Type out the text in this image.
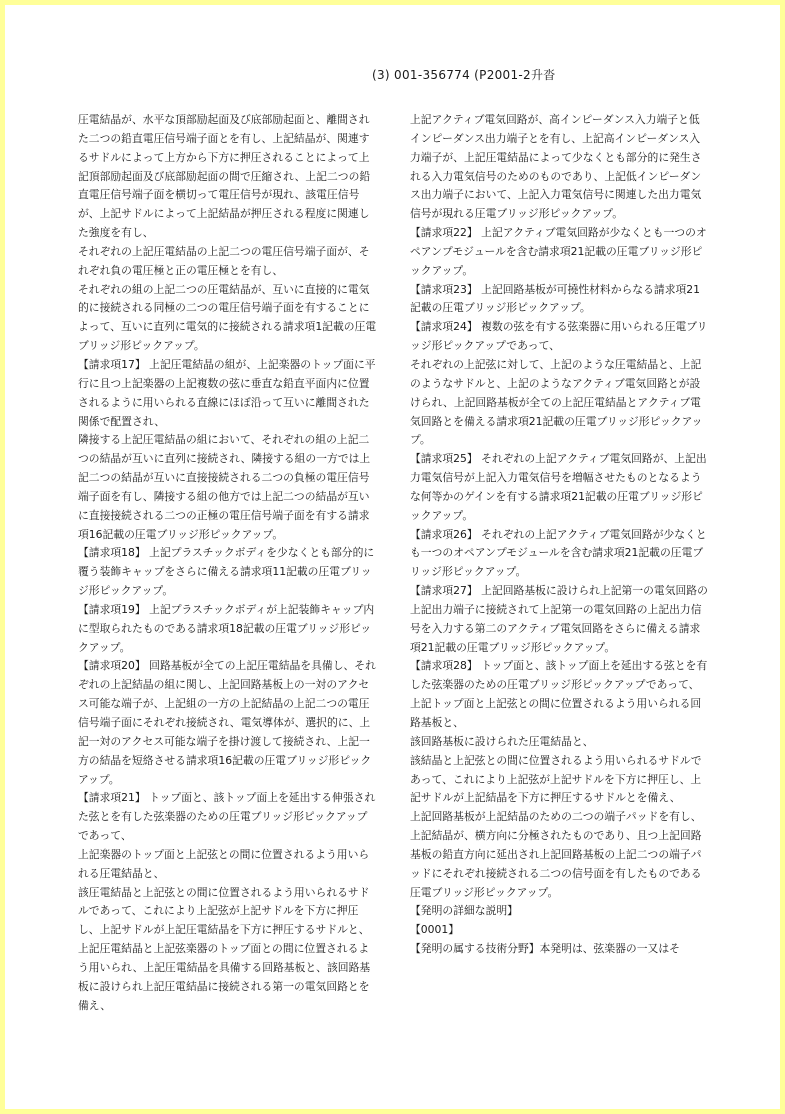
(3) 001-356774 (P2001-2升沓

圧電結晶が、水平な頂部励起面及び底部励起面と、離間された二つの鉛直電圧信号端子面とを有し、上記結晶が、関連するサドルによって上方から下方に押圧されることによって上記頂部励起面及び底部励起面の間で圧縮され、上記二つの鉛直電圧信号端子面を横切って電圧信号が現れ、該電圧信号が、上記サドルによって上記結晶が押圧される程度に関連した強度を有し、

それぞれの上記圧電結晶の上記二つの電圧信号端子面が、それぞれ負の電圧極と正の電圧極とを有し、

それぞれの組の上記二つの圧電結晶が、互いに直接的に電気的に接続される同極の二つの電圧信号端子面を有することによって、互いに直列に電気的に接続される請求項1記載の圧電ブリッジ形ピックアップ。

【請求項17】 上記圧電結晶の組が、上記楽器のトップ面に平行に且つ上記楽器の上記複数の弦に垂直な鉛直平面内に位置されるように用いられる直線にほぼ沿って互いに離間された関係で配置され、

隣接する上記圧電結晶の組において、それぞれの組の上記二つの結晶が互いに直列に接続され、隣接する組の一方では上記二つの結晶が互いに直接接続される二つの負極の電圧信号端子面を有し、隣接する組の他方では上記二つの結晶が互いに直接接続される二つの正極の電圧信号端子面を有する請求項16記載の圧電ブリッジ形ピックアップ。

【請求項18】 上記プラスチックボディを少なくとも部分的に覆う装飾キャップをさらに備える請求項11記載の圧電ブリッジ形ピックアップ。

【請求項19】 上記プラスチックボディが上記装飾キャップ内に型取られたものである請求項18記載の圧電ブリッジ形ピックアップ。

【請求項20】 回路基板が全ての上記圧電結晶を具備し、それぞれの上記結晶の組に関し、上記回路基板上の一対のアクセス可能な端子が、上記組の一方の上記結晶の上記二つの電圧信号端子面にそれぞれ接続され、電気導体が、選択的に、上記一対のアクセス可能な端子を掛け渡して接続され、上記一方の結晶を短絡させる請求項16記載の圧電ブリッジ形ピックアップ。

【請求項21】 トップ面と、該トップ面上を延出する伸張された弦とを有した弦楽器のための圧電ブリッジ形ピックアップであって、

上記楽器のトップ面と上記弦との間に位置されるよう用いられる圧電結晶と、

該圧電結晶と上記弦との間に位置されるよう用いられるサドルであって、これにより上記弦が上記サドルを下方に押圧し、上記サドルが上記圧電結晶を下方に押圧するサドルと、

上記圧電結晶と上記弦楽器のトップ面との間に位置されるよう用いられ、上記圧電結晶を具備する回路基板と、該回路基板に設けられ上記圧電結晶に接続される第一の電気回路とを備え、

上記アクティブ電気回路が、高インピーダンス入力端子と低インピーダンス出力端子とを有し、上記高インピーダンス入力端子が、上記圧電結晶によって少なくとも部分的に発生される入力電気信号のためのものであり、上記低インピーダンス出力端子において、上記入力電気信号に関連した出力電気信号が現れる圧電ブリッジ形ピックアップ。

【請求項22】 上記アクティブ電気回路が少なくとも一つのオペアンプモジュールを含む請求項21記載の圧電ブリッジ形ピックアップ。

【請求項23】 上記回路基板が可撓性材料からなる請求項21記載の圧電ブリッジ形ピックアップ。

【請求項24】 複数の弦を有する弦楽器に用いられる圧電ブリッジ形ピックアップであって、

それぞれの上記弦に対して、上記のような圧電結晶と、上記のようなサドルと、上記のようなアクティブ電気回路とが設けられ、上記回路基板が全ての上記圧電結晶とアクティブ電気回路とを備える請求項21記載の圧電ブリッジ形ピックアップ。

【請求項25】 それぞれの上記アクティブ電気回路が、上記出力電気信号が上記入力電気信号を増幅させたものとなるような何等かのゲインを有する請求項21記載の圧電ブリッジ形ピックアップ。

【請求項26】 それぞれの上記アクティブ電気回路が少なくとも一つのオペアンプモジュールを含む請求項21記載の圧電ブリッジ形ピックアップ。

【請求項27】 上記回路基板に設けられ上記第一の電気回路の上記出力端子に接続されて上記第一の電気回路の上記出力信号を入力する第二のアクティブ電気回路をさらに備える請求項21記載の圧電ブリッジ形ピックアップ。

【請求項28】 トップ面と、該トップ面上を延出する弦とを有した弦楽器のための圧電ブリッジ形ピックアップであって、

上記トップ面と上記弦との間に位置されるよう用いられる回路基板と、

該回路基板に設けられた圧電結晶と、

該結晶と上記弦との間に位置されるよう用いられるサドルであって、これにより上記弦が上記サドルを下方に押圧し、上記サドルが上記結晶を下方に押圧するサドルとを備え、

上記回路基板が上記結晶のための二つの端子パッドを有し、

上記結晶が、横方向に分極されたものであり、且つ上記回路基板の鉛直方向に延出され上記回路基板の上記二つの端子パッドにそれぞれ接続される二つの信号面を有したものである圧電ブリッジ形ピックアップ。

【発明の詳細な説明】

【0001】

【発明の属する技術分野】本発明は、弦楽器の一又はそ
